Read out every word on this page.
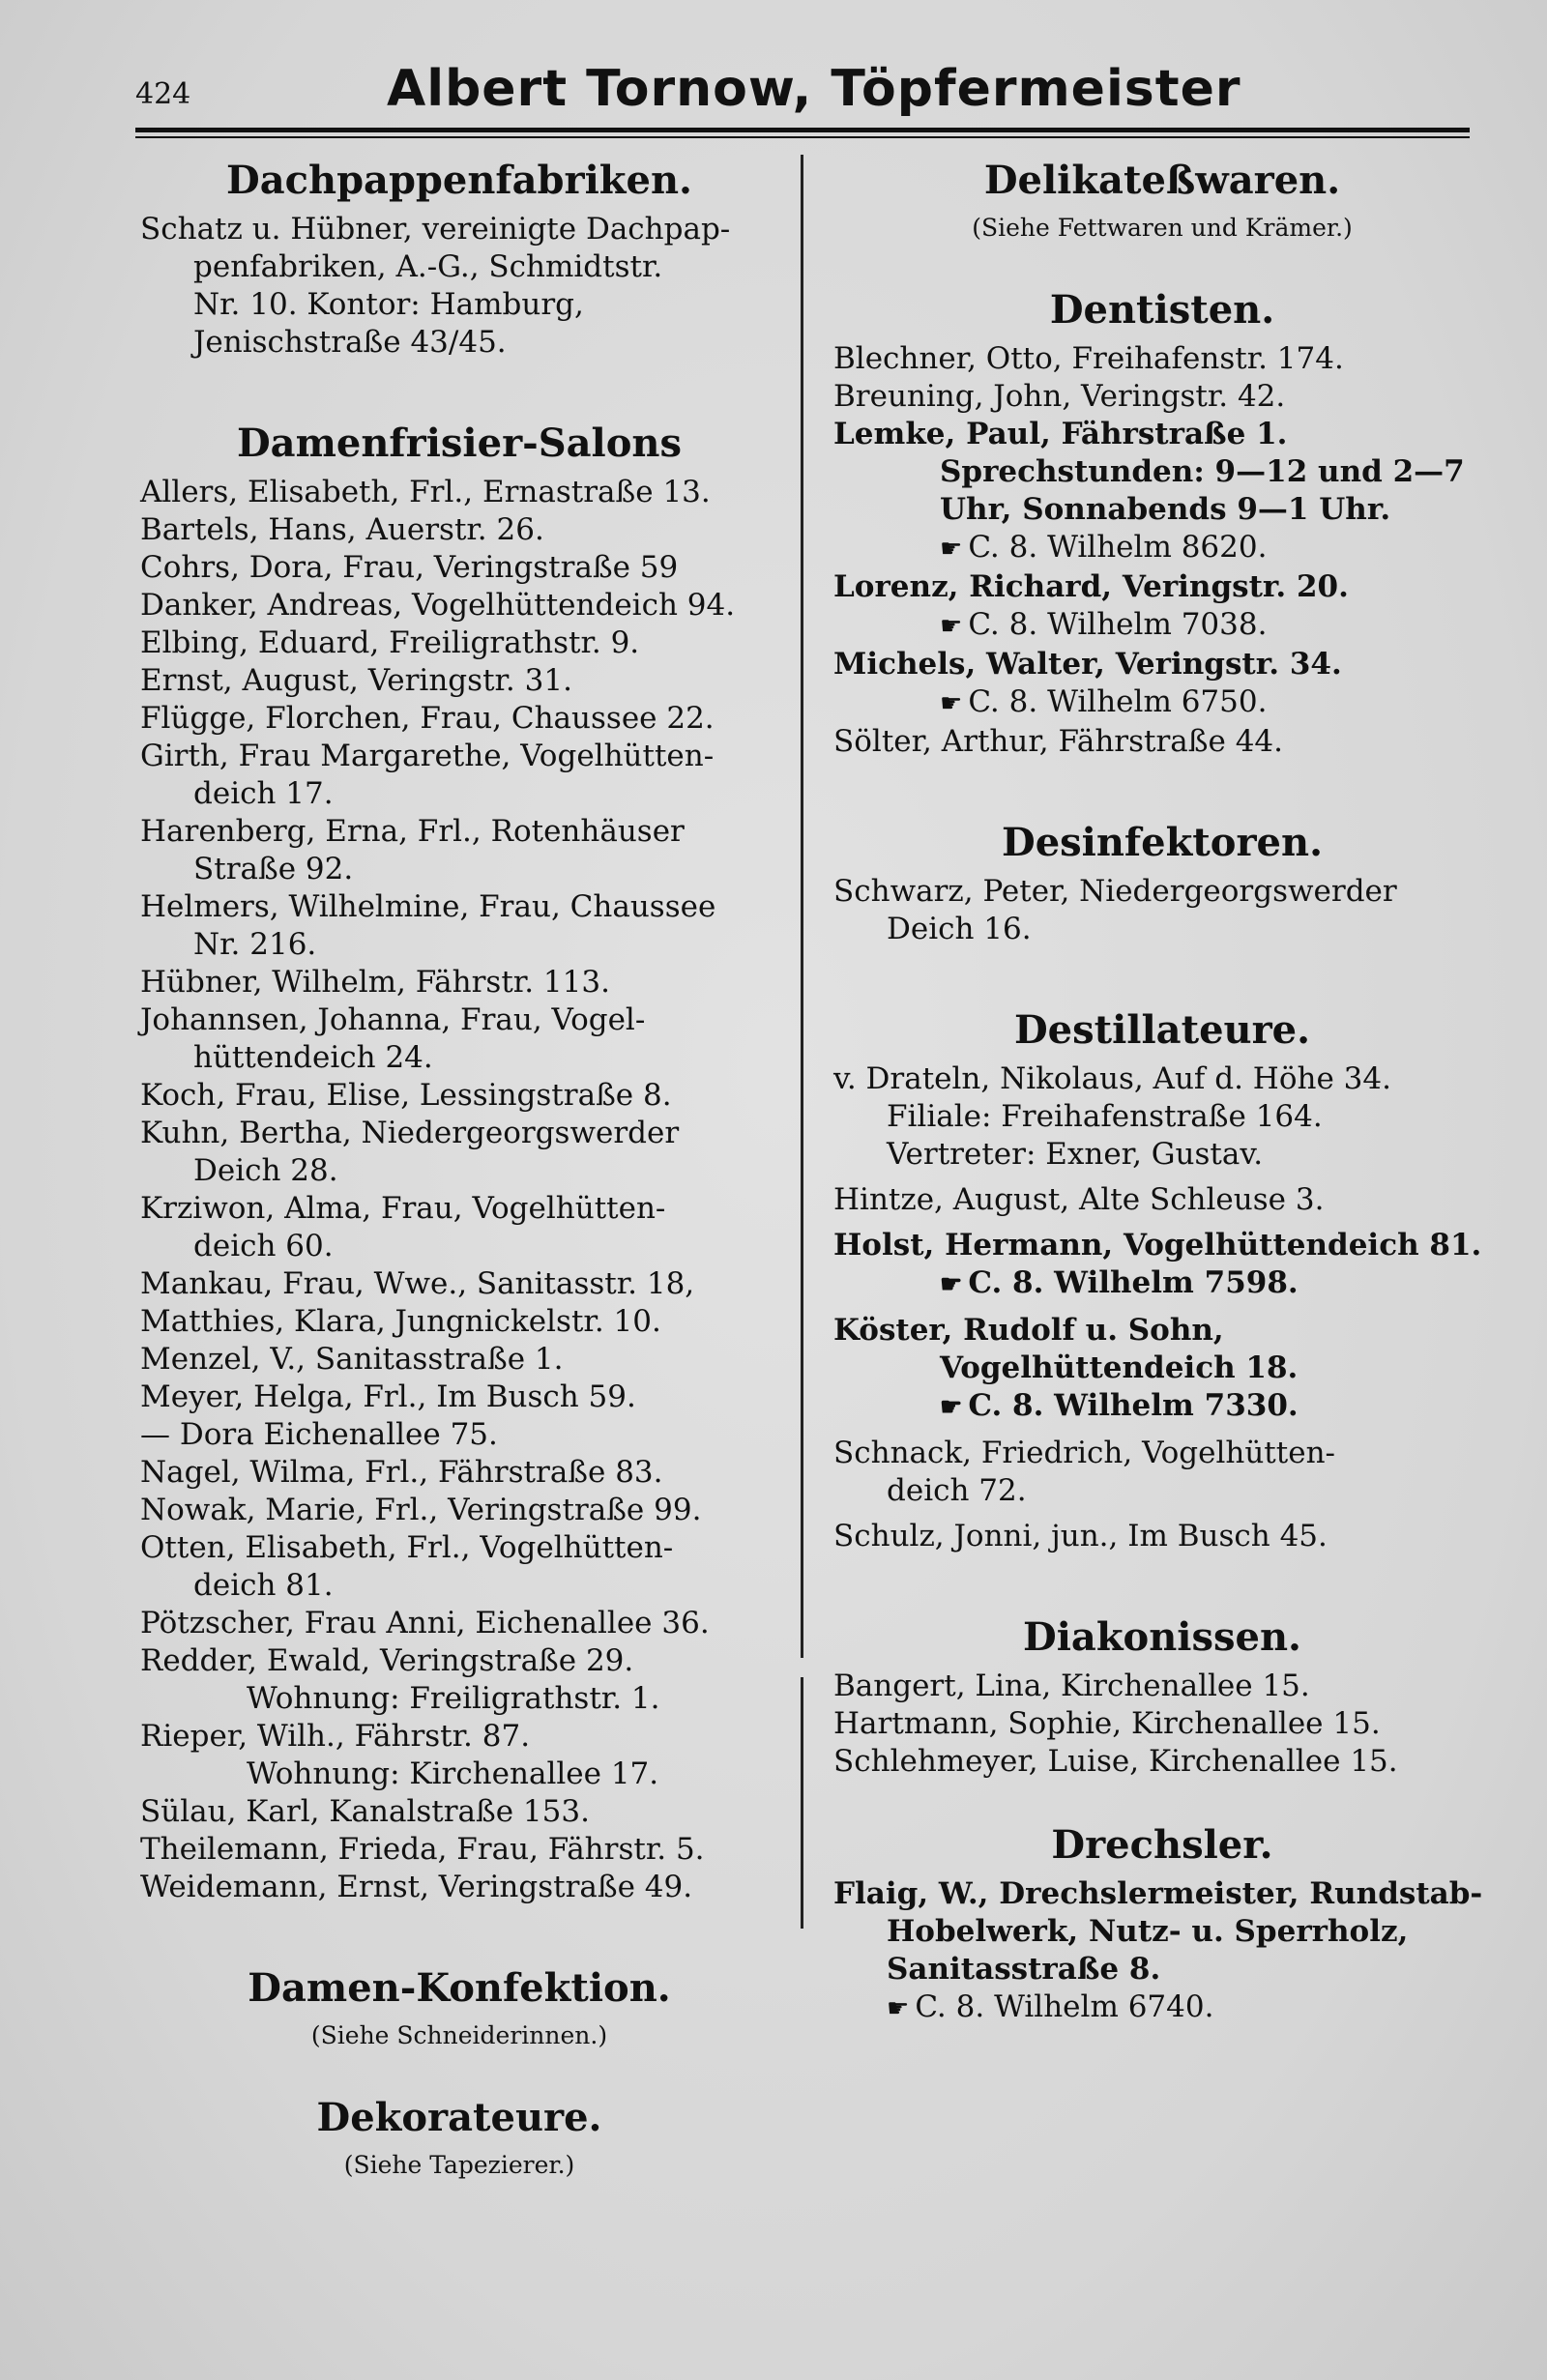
424	Albert Tornow, Töpfermeister
Dachpappenfabriken.
Schatz u. Hübner, vereinigte Dachpap-
penfabriken, A.-G., Schmidtstr.
Nr. 10. Kontor: Hamburg,
Jenischstraße 43/45.
Damenfrisier-Salons
Allers, Elisabeth, Frl., Ernastraße 13.
Bartels, Hans, Auerstr. 26.
Cohrs, Dora, Frau, Veringstraße 59
Danker, Andreas, Vogelhüttendeich 94.
Elbing, Eduard, Freiligrathstr. 9.
Ernst, August, Veringstr. 31.
Flügge, Florchen, Frau, Chaussee 22.
Girth, Frau Margarethe, Vogelhütten-
deich 17.
Harenberg, Erna, Frl., Rotenhäuser
Straße 92.
Helmers, Wilhelmine, Frau, Chaussee
Nr. 216.
Hübner, Wilhelm, Fährstr. 113.
Johannsen, Johanna, Frau, Vogel-
hüttendeich 24.
Koch, Frau, Elise, Lessingstraße 8.
Kuhn, Bertha, Niedergeorgswerder
Deich 28.
Krziwon, Alma, Frau, Vogelhütten-
deich 60.
Mankau, Frau, Wwe., Sanitasstr. 18,
Matthies, Klara, Jungnickelstr. 10.
Menzel, V., Sanitasstraße 1.
Meyer, Helga, Frl., Im Busch 59.
— Dora Eichenallee 75.
Nagel, Wilma, Frl., Fährstraße 83.
Nowak, Marie, Frl., Veringstraße 99.
Otten, Elisabeth, Frl., Vogelhütten-
deich 81.
Pötzscher, Frau Anni, Eichenallee 36.
Redder, Ewald, Veringstraße 29.
Wohnung: Freiligrathstr. 1.
Rieper, Wilh., Fährstr. 87.
Wohnung: Kirchenallee 17.
Sülau, Karl, Kanalstraße 153.
Theilemann, Frieda, Frau, Fährstr. 5.
Weidemann, Ernst, Veringstraße 49.
Damen-Konfektion.
(Siehe Schneiderinnen.)
Dekorateure.
(Siehe Tapezierer.)
Delikateßwaren.
(Siehe Fettwaren und Krämer.)
Dentisten.
Blechner, Otto, Freihafenstr. 174.
Breuning, John, Veringstr. 42.
Lemke, Paul, Fährstraße 1.
Sprechstunden: 9—12 und 2—7
Uhr, Sonnabends 9—1 Uhr.
☛ C. 8. Wilhelm 8620.
Lorenz, Richard, Veringstr. 20.
☛ C. 8. Wilhelm 7038.
Michels, Walter, Veringstr. 34.
☛ C. 8. Wilhelm 6750.
Sölter, Arthur, Fährstraße 44.
Desinfektoren.
Schwarz, Peter, Niedergeorgswerder
Deich 16.
Destillateure.
v. Drateln, Nikolaus, Auf d. Höhe 34.
Filiale: Freihafenstraße 164.
Vertreter: Exner, Gustav.
Hintze, August, Alte Schleuse 3.
Holst, Hermann, Vogelhüttendeich 81.
☛ C. 8. Wilhelm 7598.
Köster, Rudolf u. Sohn,
Vogelhüttendeich 18.
☛ C. 8. Wilhelm 7330.
Schnack, Friedrich, Vogelhütten-
deich 72.
Schulz, Jonni, jun., Im Busch 45.
Diakonissen.
Bangert, Lina, Kirchenallee 15.
Hartmann, Sophie, Kirchenallee 15.
Schlehmeyer, Luise, Kirchenallee 15.
Drechsler.
Flaig, W., Drechslermeister, Rundstab-
Hobelwerk, Nutz- u. Sperrholz,
Sanitasstraße 8.
☛ C. 8. Wilhelm 6740.
